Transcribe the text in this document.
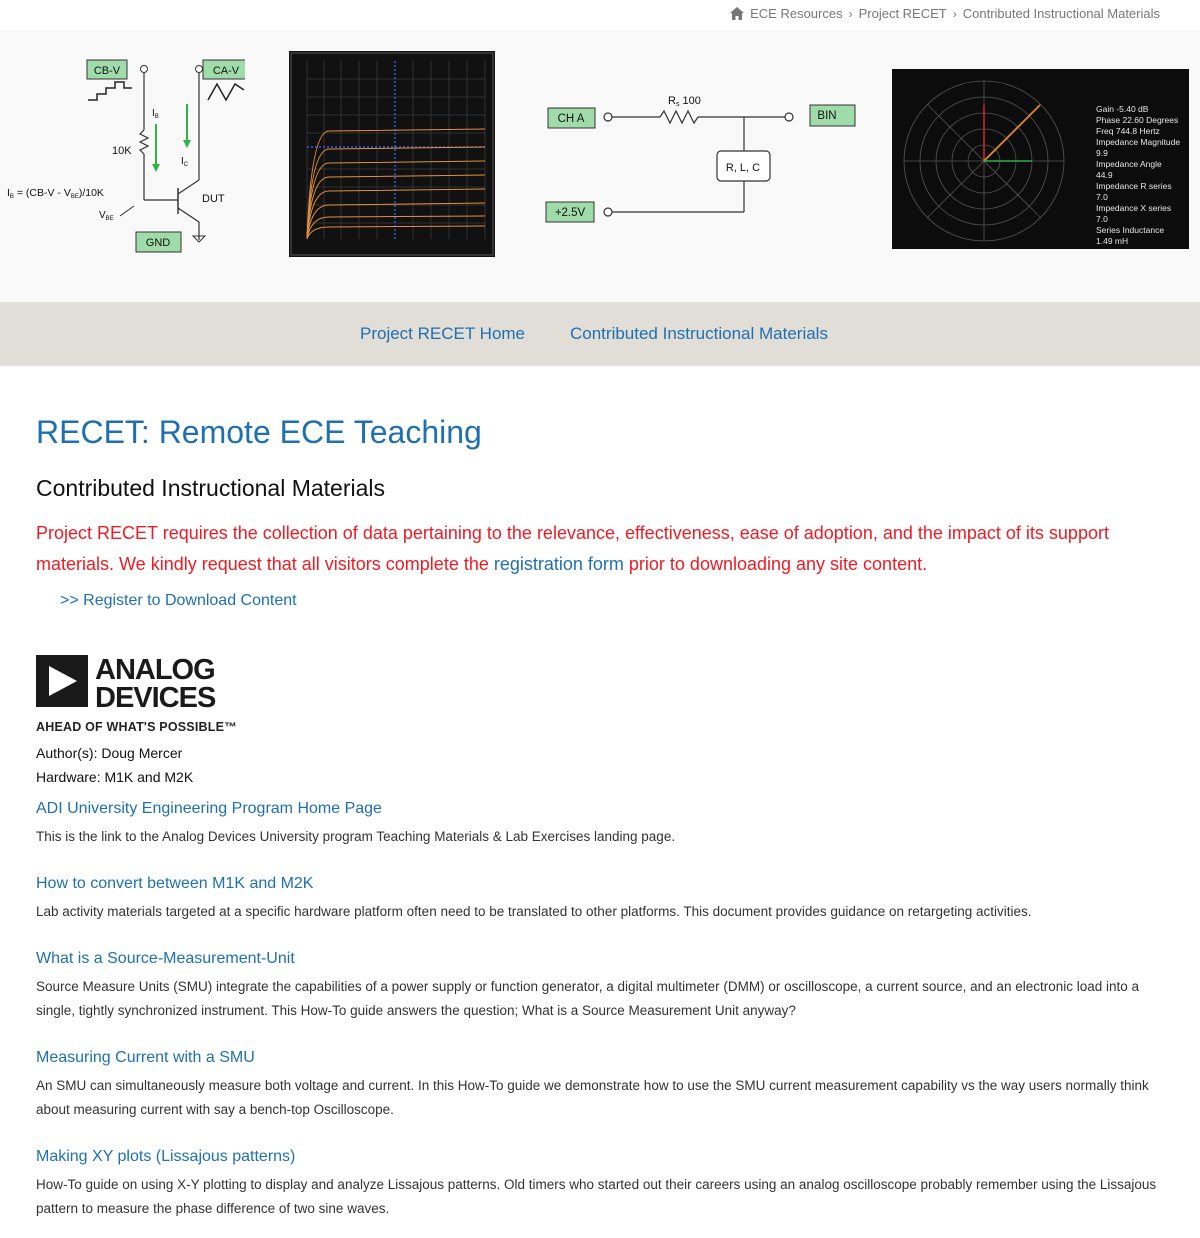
ECE Resources › Project RECET › Contributed Instructional Materials
CB-V	CA-V
10K
DUT
$I_B$
$I_C$
IB = (CB-V - VBE)/10K
$V_{BE}$
GND
CH A
Rs 100
BIN
R, L, C
+2.5V
Gain -5.40 dB
Phase 22.60 Degrees
Freq 744.8 Hertz
Impedance Magnitude
9.9
Impedance Angle
44.9
Impedance R series
7.0
Impedance X series
7.0
Series Inductance
1.49 mH
Project RECET Home	Contributed Instructional Materials
RECET: Remote ECE Teaching
Contributed Instructional Materials

Project RECET requires the collection of data pertaining to the relevance, effectiveness, ease of adoption, and the impact of its support materials. We kindly request that all visitors complete the registration form prior to downloading any site content.

>> Register to Download Content
ANALOG
DEVICES
AHEAD OF WHAT'S POSSIBLE™
Author(s): Doug Mercer
Hardware: M1K and M2K
ADI University Engineering Program Home Page

This is the link to the Analog Devices University program Teaching Materials & Lab Exercises landing page.

How to convert between M1K and M2K

Lab activity materials targeted at a specific hardware platform often need to be translated to other platforms. This document provides guidance on retargeting activities.

What is a Source-Measurement-Unit

Source Measure Units (SMU) integrate the capabilities of a power supply or function generator, a digital multimeter (DMM) or oscilloscope, a current source, and an electronic load into a single, tightly synchronized instrument. This How-To guide answers the question; What is a Source Measurement Unit anyway?

Measuring Current with a SMU

An SMU can simultaneously measure both voltage and current. In this How-To guide we demonstrate how to use the SMU current measurement capability vs the way users normally think about measuring current with say a bench-top Oscilloscope.

Making XY plots (Lissajous patterns)

How-To guide on using X-Y plotting to display and analyze Lissajous patterns. Old timers who started out their careers using an analog oscilloscope probably remember using the Lissajous pattern to measure the phase difference of two sine waves.
